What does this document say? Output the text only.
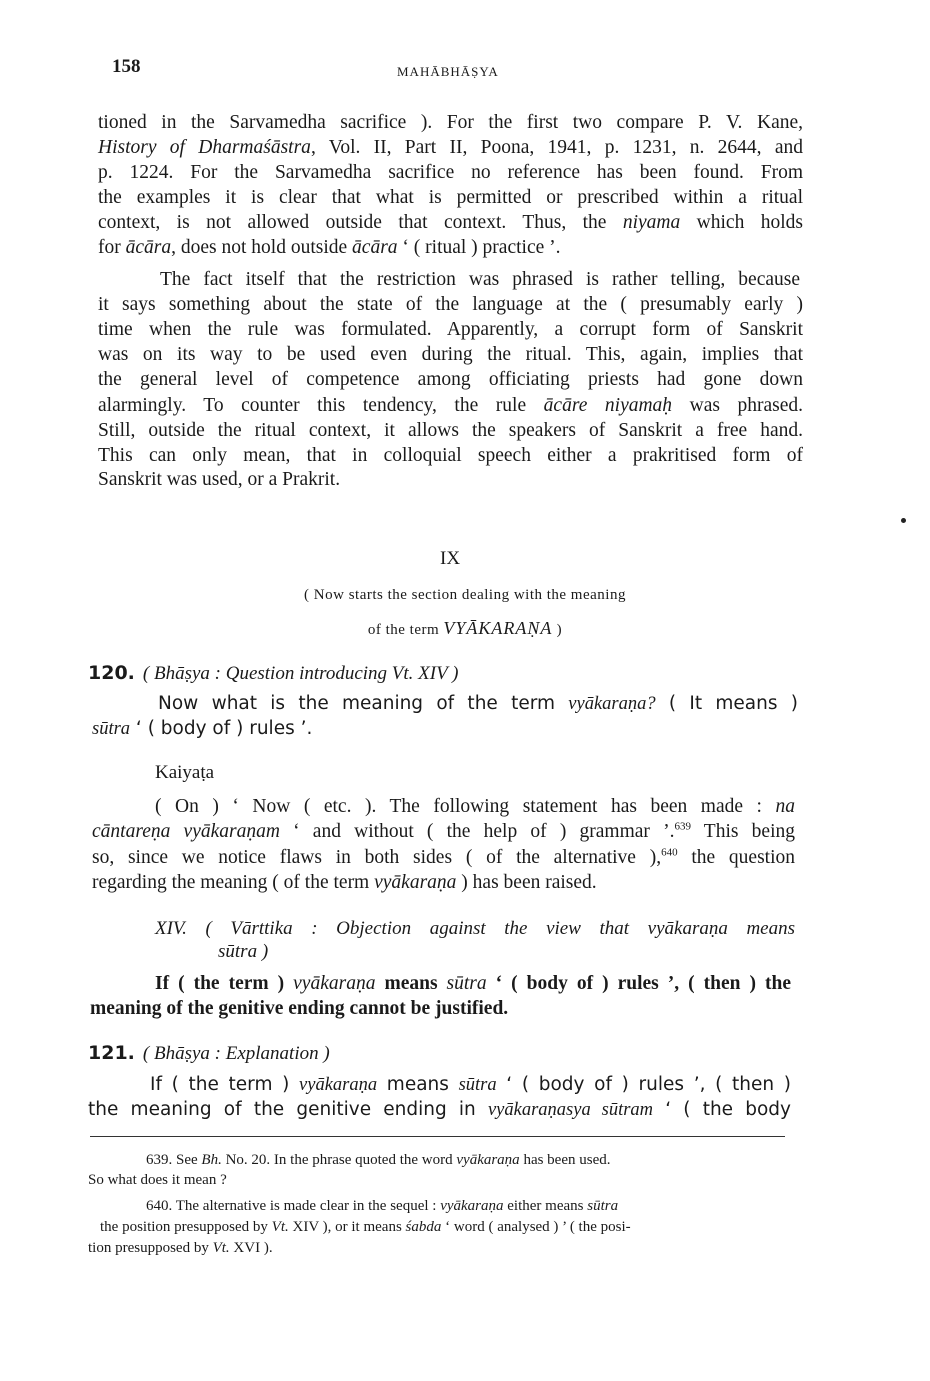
158	MAHĀBHĀṢYA
tioned in the Sarvamedha sacrifice ). For the first two compare P. V. Kane,
History of Dharmaśāstra, Vol. II, Part II, Poona, 1941, p. 1231, n. 2644, and
p. 1224. For the Sarvamedha sacrifice no reference has been found. From
the examples it is clear that what is permitted or prescribed within a ritual
context, is not allowed outside that context. Thus, the niyama which holds
for ācāra, does not hold outside ācāra ‘ ( ritual ) practice ’.
The fact itself that the restriction was phrased is rather telling, because
it says something about the state of the language at the ( presumably early )
time when the rule was formulated. Apparently, a corrupt form of Sanskrit
was on its way to be used even during the ritual. This, again, implies that
the general level of competence among officiating priests had gone down
alarmingly. To counter this tendency, the rule ācāre niyamaḥ was phrased.
Still, outside the ritual context, it allows the speakers of Sanskrit a free hand.
This can only mean, that in colloquial speech either a prakritised form of
Sanskrit was used, or a Prakrit.
IX
( Now starts the section dealing with the meaning
of the term VYĀKARAṆA )
120. ( Bhāṣya : Question introducing Vt. XIV )
Now what is the meaning of the term vyākaraṇa? ( It means )
sūtra ‘ ( body of ) rules ’.
Kaiyaṭa
( On ) ‘ Now ( etc. ). The following statement has been made : na
cāntareṇa vyākaraṇam ‘ and without ( the help of ) grammar ’.$^{639}$ This being
so, since we notice flaws in both sides ( of the alternative ),$^{640}$ the question
regarding the meaning ( of the term vyākaraṇa ) has been raised.
XIV. ( Vārttika : Objection against the view that vyākaraṇa means
sūtra )
If ( the term ) vyākaraṇa means sūtra ‘ ( body of ) rules ’, ( then ) the
meaning of the genitive ending cannot be justified.
121. ( Bhāṣya : Explanation )
If ( the term ) vyākaraṇa means sūtra ‘ ( body of ) rules ’, ( then )
the meaning of the genitive ending in vyākaraṇasya sūtram ‘ ( the body
639. See Bh. No. 20. In the phrase quoted the word vyākaraṇa has been used.
So what does it mean ?
640. The alternative is made clear in the sequel : vyākaraṇa either means sūtra
the position presupposed by Vt. XIV ), or it means śabda ‘ word ( analysed ) ’ ( the posi-
tion presupposed by Vt. XVI ).
